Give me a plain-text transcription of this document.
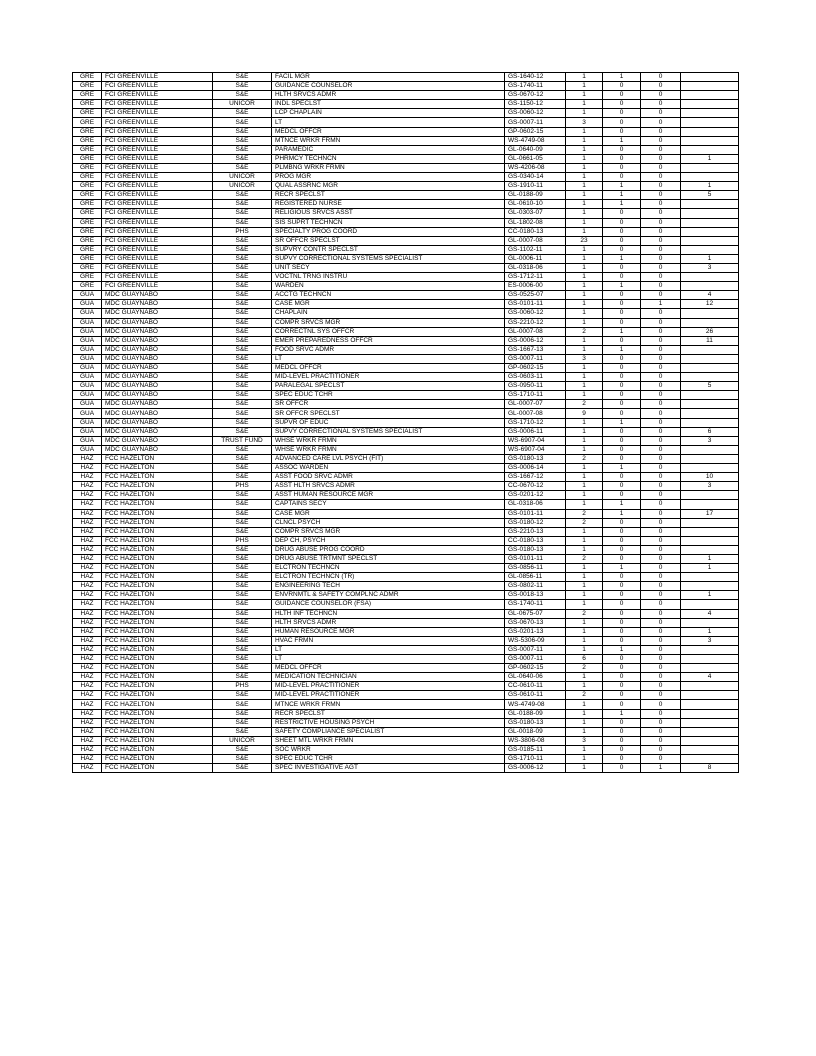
GRE	FCI GREENVILLE	S&E	FACIL MGR	GS-1640-12	1	1	0	
GRE	FCI GREENVILLE	S&E	GUIDANCE COUNSELOR	GS-1740-11	1	0	0	
GRE	FCI GREENVILLE	S&E	HLTH SRVCS ADMR	GS-0670-12	1	0	0	
GRE	FCI GREENVILLE	UNICOR	INDL SPECLST	GS-1150-12	1	0	0	
GRE	FCI GREENVILLE	S&E	LCP CHAPLAIN	GS-0060-12	1	0	0	
GRE	FCI GREENVILLE	S&E	LT	GS-0007-11	3	0	0	
GRE	FCI GREENVILLE	S&E	MEDCL OFFCR	GP-0602-15	1	0	0	
GRE	FCI GREENVILLE	S&E	MTNCE WRKR FRMN	WS-4749-08	1	1	0	
GRE	FCI GREENVILLE	S&E	PARAMEDIC	GL-0640-09	1	0	0	
GRE	FCI GREENVILLE	S&E	PHRMCY TECHNCN	GL-0661-05	1	0	0	1
GRE	FCI GREENVILLE	S&E	PLMBNG WRKR FRMN	WS-4206-08	1	0	0	
GRE	FCI GREENVILLE	UNICOR	PROG MGR	GS-0340-14	1	0	0	
GRE	FCI GREENVILLE	UNICOR	QUAL ASSRNC MGR	GS-1910-11	1	1	0	1
GRE	FCI GREENVILLE	S&E	RECR SPECLST	GL-0188-09	1	1	0	5
GRE	FCI GREENVILLE	S&E	REGISTERED NURSE	GL-0610-10	1	1	0	
GRE	FCI GREENVILLE	S&E	RELIGIOUS SRVCS ASST	GL-0303-07	1	0	0	
GRE	FCI GREENVILLE	S&E	SIS SUPRT TECHNCN	GL-1802-08	1	0	0	
GRE	FCI GREENVILLE	PHS	SPECIALTY PROG COORD	CC-0180-13	1	0	0	
GRE	FCI GREENVILLE	S&E	SR OFFCR SPECLST	GL-0007-08	23	0	0	
GRE	FCI GREENVILLE	S&E	SUPVRY CONTR SPECLST	GS-1102-11	1	0	0	
GRE	FCI GREENVILLE	S&E	SUPVY CORRECTIONAL SYSTEMS SPECIALIST	GL-0006-11	1	1	0	1
GRE	FCI GREENVILLE	S&E	UNIT SECY	GL-0318-06	1	0	0	3
GRE	FCI GREENVILLE	S&E	VOCTNL TRNG INSTRU	GS-1712-11	1	0	0	
GRE	FCI GREENVILLE	S&E	WARDEN	ES-0006-00	1	1	0	
GUA	MDC GUAYNABO	S&E	ACCTG TECHNCN	GS-0525-07	1	0	0	4
GUA	MDC GUAYNABO	S&E	CASE MGR	GS-0101-11	1	0	1	12
GUA	MDC GUAYNABO	S&E	CHAPLAIN	GS-0060-12	1	0	0	
GUA	MDC GUAYNABO	S&E	COMPR SRVCS MGR	GS-2210-12	1	0	0	
GUA	MDC GUAYNABO	S&E	CORRECTNL SYS OFFCR	GL-0007-08	2	1	0	26
GUA	MDC GUAYNABO	S&E	EMER PREPAREDNESS OFFCR	GS-0006-12	1	0	0	11
GUA	MDC GUAYNABO	S&E	FOOD SRVC ADMR	GS-1667-13	1	1	0	
GUA	MDC GUAYNABO	S&E	LT	GS-0007-11	3	0	0	
GUA	MDC GUAYNABO	S&E	MEDCL OFFCR	GP-0602-15	1	0	0	
GUA	MDC GUAYNABO	S&E	MID-LEVEL PRACTITIONER	GS-0603-11	1	0	0	
GUA	MDC GUAYNABO	S&E	PARALEGAL SPECLST	GS-0950-11	1	0	0	5
GUA	MDC GUAYNABO	S&E	SPEC EDUC TCHR	GS-1710-11	1	0	0	
GUA	MDC GUAYNABO	S&E	SR OFFCR	GL-0007-07	2	0	0	
GUA	MDC GUAYNABO	S&E	SR OFFCR SPECLST	GL-0007-08	9	0	0	
GUA	MDC GUAYNABO	S&E	SUPVR OF EDUC	GS-1710-12	1	1	0	
GUA	MDC GUAYNABO	S&E	SUPVY CORRECTIONAL SYSTEMS SPECIALIST	GS-0006-11	1	0	0	6
GUA	MDC GUAYNABO	TRUST FUND	WHSE WRKR FRMN	WS-6907-04	1	0	0	3
GUA	MDC GUAYNABO	S&E	WHSE WRKR FRMN	WS-6907-04	1	0	0	
HAZ	FCC HAZELTON	S&E	ADVANCED CARE LVL PSYCH (FIT)	GS-0180-13	2	0	0	
HAZ	FCC HAZELTON	S&E	ASSOC WARDEN	GS-0006-14	1	1	0	
HAZ	FCC HAZELTON	S&E	ASST FOOD SRVC ADMR	GS-1667-12	1	0	0	10
HAZ	FCC HAZELTON	PHS	ASST HLTH SRVCS ADMR	CC-0670-12	1	0	0	3
HAZ	FCC HAZELTON	S&E	ASST HUMAN RESOURCE MGR	GS-0201-12	1	0	0	
HAZ	FCC HAZELTON	S&E	CAPTAINS SECY	GL-0318-06	1	1	0	
HAZ	FCC HAZELTON	S&E	CASE MGR	GS-0101-11	2	1	0	17
HAZ	FCC HAZELTON	S&E	CLNCL PSYCH	GS-0180-12	2	0	0	
HAZ	FCC HAZELTON	S&E	COMPR SRVCS MGR	GS-2210-13	1	0	0	
HAZ	FCC HAZELTON	PHS	DEP CH, PSYCH	CC-0180-13	1	0	0	
HAZ	FCC HAZELTON	S&E	DRUG ABUSE PROG COORD	GS-0180-13	1	0	0	
HAZ	FCC HAZELTON	S&E	DRUG ABUSE TRTMNT SPECLST	GS-0101-11	2	0	0	1
HAZ	FCC HAZELTON	S&E	ELCTRON TECHNCN	GS-0856-11	1	1	0	1
HAZ	FCC HAZELTON	S&E	ELCTRON TECHNCN (TR)	GL-0856-11	1	0	0	
HAZ	FCC HAZELTON	S&E	ENGINEERING TECH	GS-0802-11	1	0	0	
HAZ	FCC HAZELTON	S&E	ENVRNMTL & SAFETY COMPLNC ADMR	GS-0018-13	1	0	0	1
HAZ	FCC HAZELTON	S&E	GUIDANCE COUNSELOR (FSA)	GS-1740-11	1	0	0	
HAZ	FCC HAZELTON	S&E	HLTH INF TECHNCN	GL-0675-07	2	0	0	4
HAZ	FCC HAZELTON	S&E	HLTH SRVCS ADMR	GS-0670-13	1	0	0	
HAZ	FCC HAZELTON	S&E	HUMAN RESOURCE MGR	GS-0201-13	1	0	0	1
HAZ	FCC HAZELTON	S&E	HVAC FRMN	WS-5306-09	1	0	0	3
HAZ	FCC HAZELTON	S&E	LT	GS-0007-11	1	1	0	
HAZ	FCC HAZELTON	S&E	LT	GS-0007-11	6	0	0	
HAZ	FCC HAZELTON	S&E	MEDCL OFFCR	GP-0602-15	2	0	0	
HAZ	FCC HAZELTON	S&E	MEDICATION TECHNICIAN	GL-0640-06	1	0	0	4
HAZ	FCC HAZELTON	PHS	MID-LEVEL PRACTITIONER	CC-0610-11	1	0	0	
HAZ	FCC HAZELTON	S&E	MID-LEVEL PRACTITIONER	GS-0610-11	2	0	0	
HAZ	FCC HAZELTON	S&E	MTNCE WRKR FRMN	WS-4749-08	1	0	0	
HAZ	FCC HAZELTON	S&E	RECR SPECLST	GL-0188-09	1	1	0	
HAZ	FCC HAZELTON	S&E	RESTRICTIVE HOUSING PSYCH	GS-0180-13	1	0	0	
HAZ	FCC HAZELTON	S&E	SAFETY COMPLIANCE SPECIALIST	GL-0018-09	1	0	0	
HAZ	FCC HAZELTON	UNICOR	SHEET MTL WRKR FRMN	WS-3806-08	3	0	0	
HAZ	FCC HAZELTON	S&E	SOC WRKR	GS-0185-11	1	0	0	
HAZ	FCC HAZELTON	S&E	SPEC EDUC TCHR	GS-1710-11	1	0	0	
HAZ	FCC HAZELTON	S&E	SPEC INVESTIGATIVE AGT	GS-0006-12	1	0	1	8
